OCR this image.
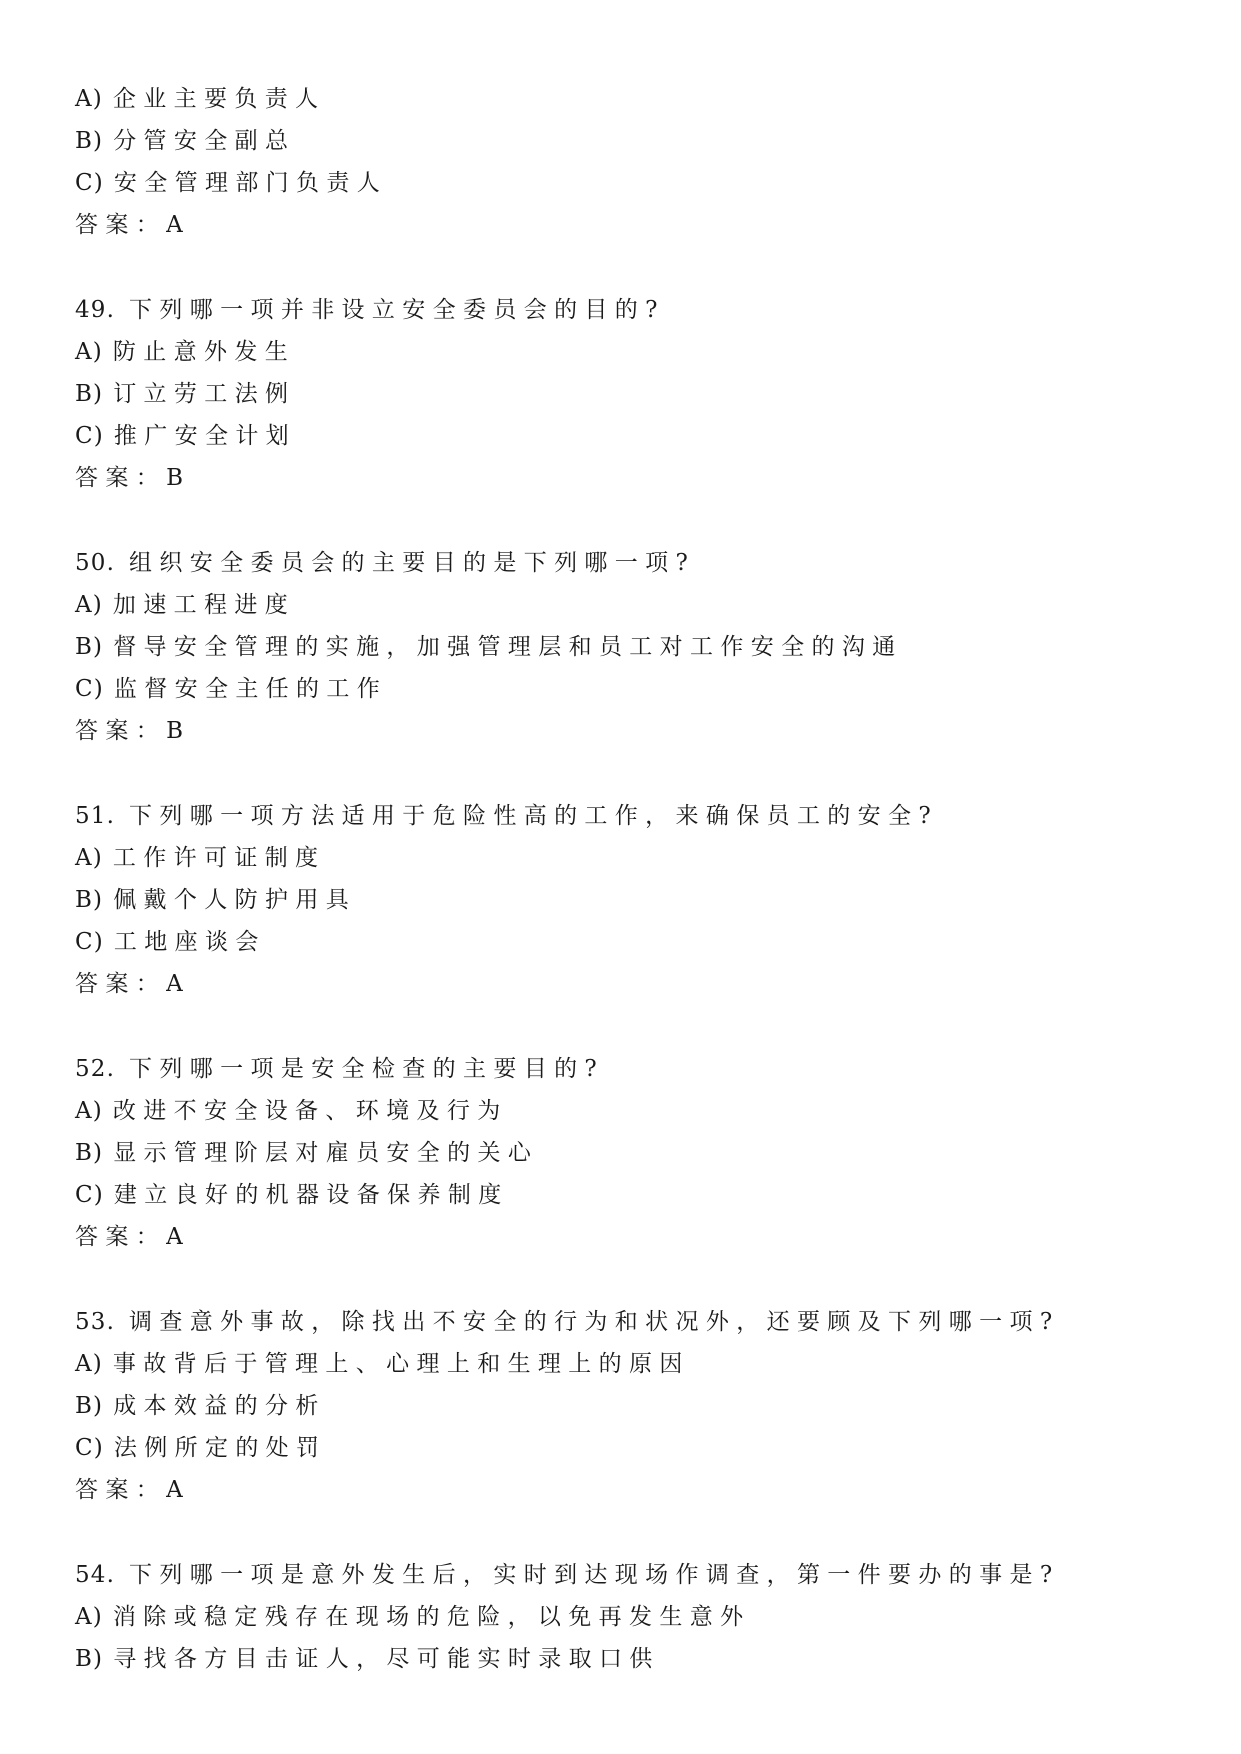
A) 企业主要负责人

B) 分管安全副总

C) 安全管理部门负责人

答案：A

49. 下列哪一项并非设立安全委员会的目的?

A) 防止意外发生

B) 订立劳工法例

C) 推广安全计划

答案：B

50. 组织安全委员会的主要目的是下列哪一项?

A) 加速工程进度

B) 督导安全管理的实施，加强管理层和员工对工作安全的沟通

C) 监督安全主任的工作

答案：B

51. 下列哪一项方法适用于危险性高的工作，来确保员工的安全?

A) 工作许可证制度

B) 佩戴个人防护用具

C) 工地座谈会

答案：A

52. 下列哪一项是安全检查的主要目的?

A) 改进不安全设备、环境及行为

B) 显示管理阶层对雇员安全的关心

C) 建立良好的机器设备保养制度

答案：A

53. 调查意外事故，除找出不安全的行为和状况外，还要顾及下列哪一项?

A) 事故背后于管理上、心理上和生理上的原因

B) 成本效益的分析

C) 法例所定的处罚

答案：A

54. 下列哪一项是意外发生后，实时到达现场作调查，第一件要办的事是?

A) 消除或稳定残存在现场的危险，以免再发生意外

B) 寻找各方目击证人，尽可能实时录取口供
